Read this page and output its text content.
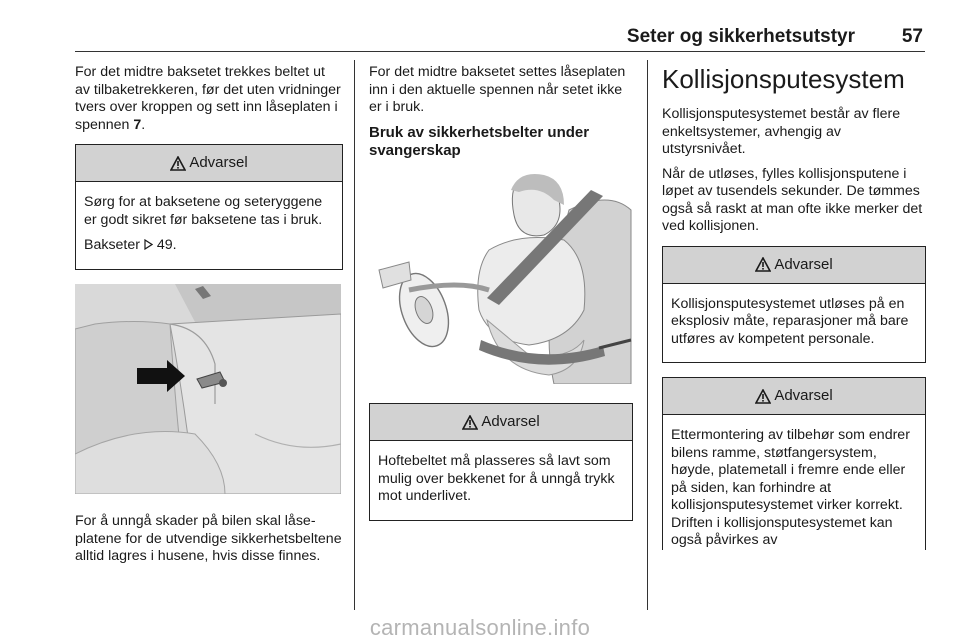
Seter og sikkerhetsutstyr 57

For det midtre baksetet trekkes beltet ut av tilbaketrekkeren, før det uten vridninger tvers over kroppen og sett inn låseplaten i spennen 7.

Advarsel

Sørg for at baksetene og seteryggene er godt sikret før baksetene tas i bruk.

Bakseter 49.

For å unngå skader på bilen skal låseplatene for de utvendige sikkerhetsbeltene alltid lagres i husene, hvis disse finnes.

For det midtre baksetet settes låseplaten inn i den aktuelle spennen når setet ikke er i bruk.

Bruk av sikkerhetsbelter under svangerskap
Advarsel

Hoftebeltet må plasseres så lavt som mulig over bekkenet for å unngå trykk mot underlivet.

Kollisjonsputesystem

Kollisjonsputesystemet består av flere enkeltsystemer, avhengig av utstyrsnivået.

Når de utløses, fylles kollisjonsputene i løpet av tusendels sekunder. De tømmes også så raskt at man ofte ikke merker det ved kollisjonen.

Advarsel

Kollisjonsputesystemet utløses på en eksplosiv måte, reparasjoner må bare utføres av kompetent personale.

Advarsel

Ettermontering av tilbehør som endrer bilens ramme, støtfangersystem, høyde, platemetall i fremre ende eller på siden, kan forhindre at kollisjonsputesystemet virker korrekt. Driften i kollisjonsputesystemet kan også påvirkes av

carmanualsonline.info
